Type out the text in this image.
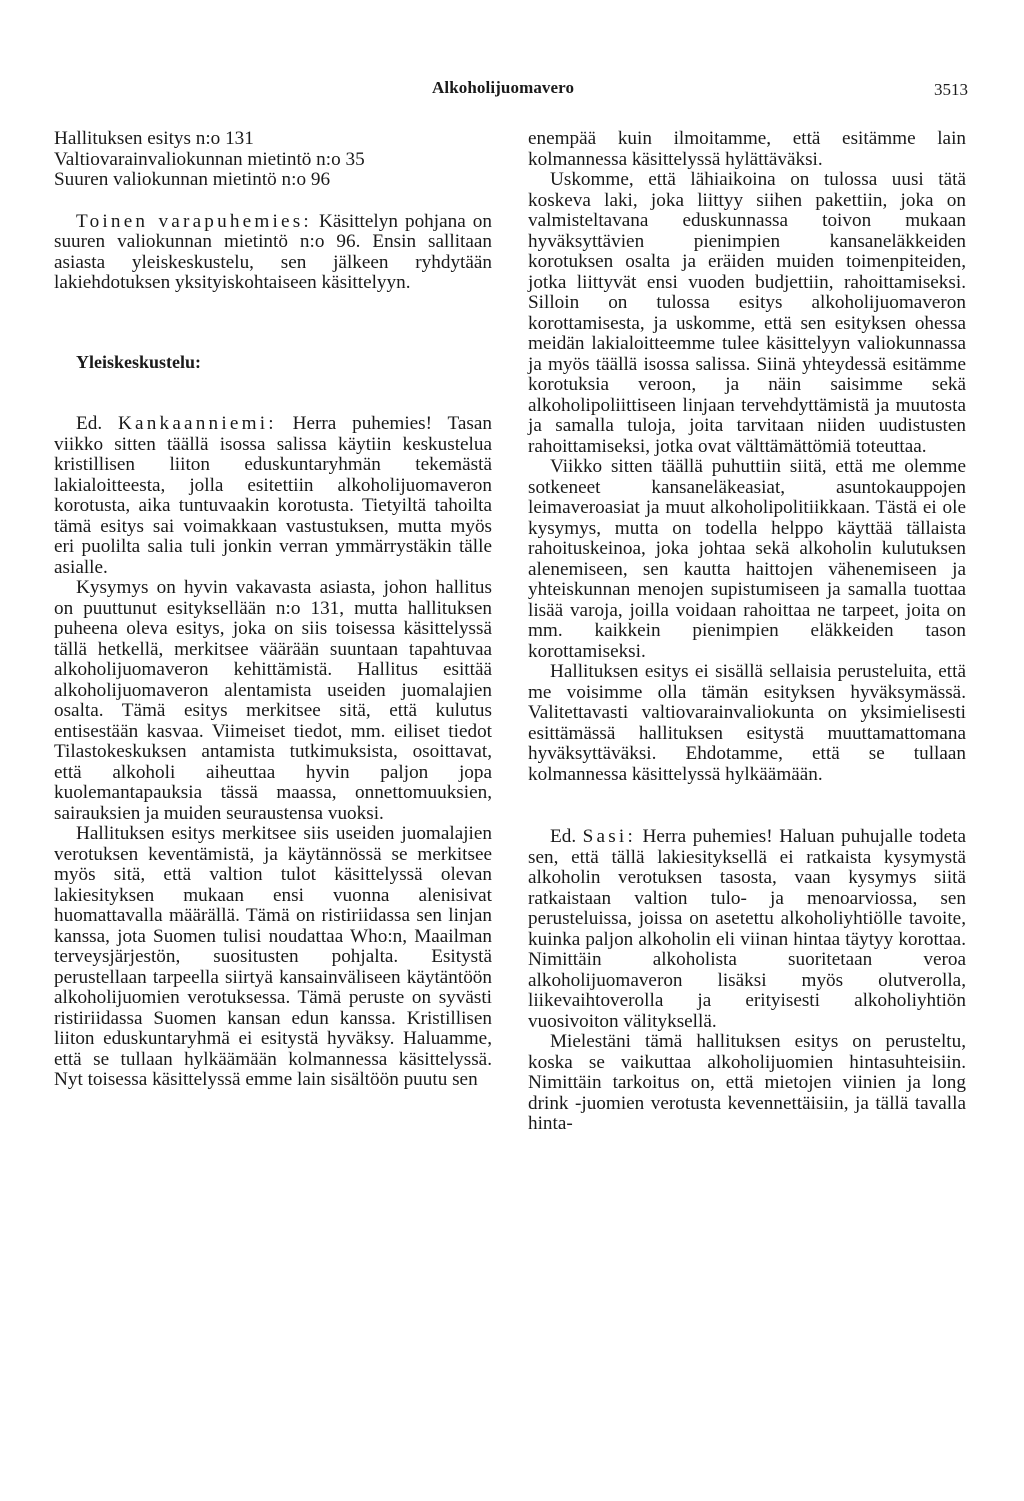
Alkoholijuomavero	3513

Hallituksen esitys n:o 131

Valtiovarainvaliokunnan mietintö n:o 35

Suuren valiokunnan mietintö n:o 96

Toinen varapuhemies: Käsittelyn pohjana on suuren valiokunnan mietintö n:o 96. Ensin sallitaan asiasta yleiskeskustelu, sen jälkeen ryhdytään lakiehdotuksen yksityiskohtaiseen käsittelyyn.

Yleiskeskustelu:

Ed. Kankaanniemi: Herra puhemies! Tasan viikko sitten täällä isossa salissa käytiin keskustelua kristillisen liiton eduskuntaryhmän tekemästä lakialoitteesta, jolla esitettiin alkoholijuomaveron korotusta, aika tuntuvaakin korotusta. Tietyiltä tahoilta tämä esitys sai voimakkaan vastustuksen, mutta myös eri puolilta salia tuli jonkin verran ymmärrystäkin tälle asialle.

Kysymys on hyvin vakavasta asiasta, johon hallitus on puuttunut esityksellään n:o 131, mutta hallituksen puheena oleva esitys, joka on siis toisessa käsittelyssä tällä hetkellä, merkitsee väärään suuntaan tapahtuvaa alkoholijuomaveron kehittämistä. Hallitus esittää alkoholijuomaveron alentamista useiden juomalajien osalta. Tämä esitys merkitsee sitä, että kulutus entisestään kasvaa. Viimeiset tiedot, mm. eiliset tiedot Tilastokeskuksen antamista tutkimuksista, osoittavat, että alkoholi aiheuttaa hyvin paljon jopa kuolemantapauksia tässä maassa, onnettomuuksien, sairauksien ja muiden seuraustensa vuoksi.

Hallituksen esitys merkitsee siis useiden juomalajien verotuksen keventämistä, ja käytännössä se merkitsee myös sitä, että valtion tulot käsittelyssä olevan lakiesityksen mukaan ensi vuonna alenisivat huomattavalla määrällä. Tämä on ristiriidassa sen linjan kanssa, jota Suomen tulisi noudattaa Who:n, Maailman terveysjärjestön, suositusten pohjalta. Esitystä perustellaan tarpeella siirtyä kansainväliseen käytäntöön alkoholijuomien verotuksessa. Tämä peruste on syvästi ristiriidassa Suomen kansan edun kanssa. Kristillisen liiton eduskuntaryhmä ei esitystä hyväksy. Haluamme, että se tullaan hylkäämään kolmannessa käsittelyssä. Nyt toisessa käsittelyssä emme lain sisältöön puutu sen

enempää kuin ilmoitamme, että esitämme lain kolmannessa käsittelyssä hylättäväksi.

Uskomme, että lähiaikoina on tulossa uusi tätä koskeva laki, joka liittyy siihen pakettiin, joka on valmisteltavana eduskunnassa toivon mukaan hyväksyttävien pienimpien kansaneläkkeiden korotuksen osalta ja eräiden muiden toimenpiteiden, jotka liittyvät ensi vuoden budjettiin, rahoittamiseksi. Silloin on tulossa esitys alkoholijuomaveron korottamisesta, ja uskomme, että sen esityksen ohessa meidän lakialoitteemme tulee käsittelyyn valiokunnassa ja myös täällä isossa salissa. Siinä yhteydessä esitämme korotuksia veroon, ja näin saisimme sekä alkoholipoliittiseen linjaan tervehdyttämistä ja muutosta ja samalla tuloja, joita tarvitaan niiden uudistusten rahoittamiseksi, jotka ovat välttämättömiä toteuttaa.

Viikko sitten täällä puhuttiin siitä, että me olemme sotkeneet kansaneläkeasiat, asuntokauppojen leimaveroasiat ja muut alkoholipolitiikkaan. Tästä ei ole kysymys, mutta on todella helppo käyttää tällaista rahoituskeinoa, joka johtaa sekä alkoholin kulutuksen alenemiseen, sen kautta haittojen vähenemiseen ja yhteiskunnan menojen supistumiseen ja samalla tuottaa lisää varoja, joilla voidaan rahoittaa ne tarpeet, joita on mm. kaikkein pienimpien eläkkeiden tason korottamiseksi.

Hallituksen esitys ei sisällä sellaisia perusteluita, että me voisimme olla tämän esityksen hyväksymässä. Valitettavasti valtiovarainvaliokunta on yksimielisesti esittämässä hallituksen esitystä muuttamattomana hyväksyttäväksi. Ehdotamme, että se tullaan kolmannessa käsittelyssä hylkäämään.

Ed. Sasi: Herra puhemies! Haluan puhujalle todeta sen, että tällä lakiesityksellä ei ratkaista kysymystä alkoholin verotuksen tasosta, vaan kysymys siitä ratkaistaan valtion tulo- ja menoarviossa, sen perusteluissa, joissa on asetettu alkoholiyhtiölle tavoite, kuinka paljon alkoholin eli viinan hintaa täytyy korottaa. Nimittäin alkoholista suoritetaan veroa alkoholijuomaveron lisäksi myös olutverolla, liikevaihtoverolla ja erityisesti alkoholiyhtiön vuosivoiton välityksellä.

Mielestäni tämä hallituksen esitys on perusteltu, koska se vaikuttaa alkoholijuomien hintasuhteisiin. Nimittäin tarkoitus on, että mietojen viinien ja long drink -juomien verotusta kevennettäisiin, ja tällä tavalla hinta-
